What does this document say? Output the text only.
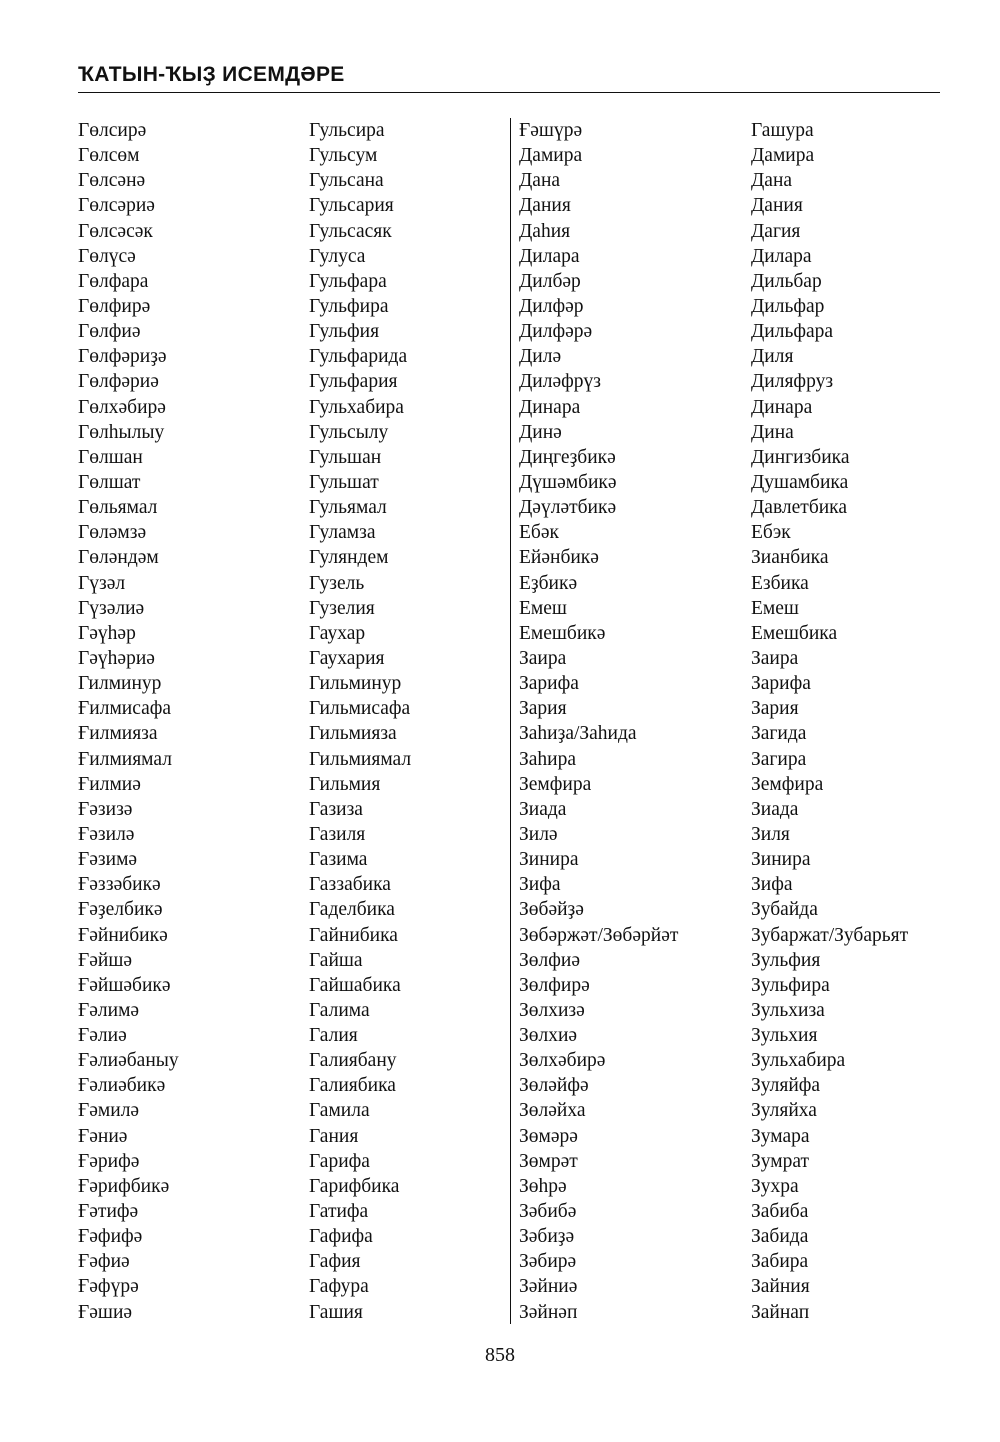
ҠАТЫН-ҠЫҘ ИСЕМДӘРЕ
Гөлсирә
Гөлсөм
Гөлсәнә
Гөлсәриә
Гөлсәсәк
Гөлүсә
Гөлфара
Гөлфирә
Гөлфиә
Гөлфәриҙә
Гөлфәриә
Гөлхәбирә
Гөлһылыу
Гөлшан
Гөлшат
Гөльямал
Гөләмзә
Гөләндәм
Гүзәл
Гүзәлиә
Гәүһәр
Гәүһәриә
Гилминур
Ғилмисафа
Ғилмияза
Ғилмиямал
Ғилмиә
Ғәзизә
Ғәзилә
Ғәзимә
Ғәззәбикә
Ғәҙелбикә
Ғәйнибикә
Ғәйшә
Ғәйшәбикә
Ғәлимә
Ғәлиә
Ғәлиәбаныу
Ғәлиәбикә
Ғәмилә
Ғәниә
Ғәрифә
Ғәрифбикә
Ғәтифә
Ғәфифә
Ғәфиә
Ғәфүрә
Ғәшиә
Гульсира
Гульсум
Гульсана
Гульсария
Гульсасяк
Гулуса
Гульфара
Гульфира
Гульфия
Гульфарида
Гульфария
Гульхабира
Гульсылу
Гульшан
Гульшат
Гульямал
Гуламза
Гуляндем
Гузель
Гузелия
Гаухар
Гаухария
Гильминур
Гильмисафа
Гильмияза
Гильмиямал
Гильмия
Газиза
Газиля
Газима
Газзабика
Гаделбика
Гайнибика
Гайша
Гайшабика
Галима
Галия
Галиябану
Галиябика
Гамила
Гания
Гарифа
Гарифбика
Гатифа
Гафифа
Гафия
Гафура
Гашия
Ғәшүрә
Дамира
Дана
Дания
Даһия
Дилара
Дилбәр
Дилфәр
Дилфәрә
Дилә
Диләфрүз
Динара
Динә
Диңгеҙбикә
Дүшәмбикә
Дәүләтбикә
Ебәк
Ейәнбикә
Еҙбикә
Емеш
Емешбикә
Заира
Зарифа
Зария
Заһиҙа/Заһида
Заһира
Земфира
Зиада
Зилә
Зинира
Зифа
Зөбәйҙә
Зөбәржәт/Зөбәрйәт
Зөлфиә
Зөлфирә
Зөлхизә
Зөлхиә
Зөлхәбирә
Зөләйфә
Зөләйха
Зөмәрә
Зөмрәт
Зөһрә
Зәбибә
Зәбиҙә
Зәбирә
Зәйниә
Зәйнәп
Гашура
Дамира
Дана
Дания
Дагия
Дилара
Дильбар
Дильфар
Дильфара
Диля
Диляфруз
Динара
Дина
Дингизбика
Душамбика
Давлетбика
Ебэк
Зианбика
Езбика
Емеш
Емешбика
Заира
Зарифа
Зария
Загида
Загира
Земфира
Зиада
Зиля
Зинира
Зифа
Зубайда
Зубаржат/Зубарьят
Зульфия
Зульфира
Зульхиза
Зульхия
Зульхабира
Зуляйфа
Зуляйха
Зумара
Зумрат
Зухра
Забиба
Забида
Забира
Зайния
Зайнап
858
